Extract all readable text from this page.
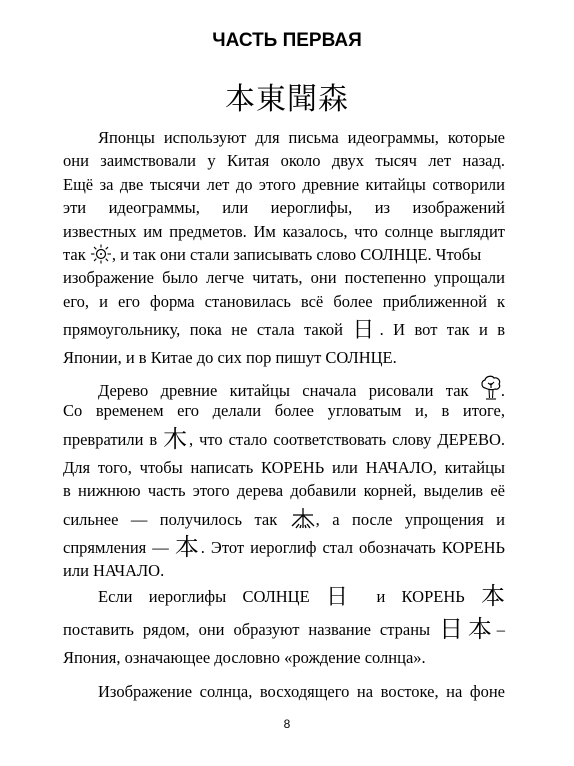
ЧАСТЬ ПЕРВАЯ
本東聞森
Японцы используют для письма идеограммы, которые
они заимствовали у Китая около двух тысяч лет назад.
Ещё за две тысячи лет до этого древние китайцы сотворили
эти идеограммы, или иероглифы, из изображений
известных им предметов. Им казалось, что солнце выглядит
так , и так они стали записывать слово СОЛНЦЕ. Чтобы
изображение было легче читать, они постепенно упрощали
его, и его форма становилась всё более приближенной к
прямоугольнику, пока не стала такой 日. И вот так и в
Японии, и в Китае до сих пор пишут СОЛНЦЕ.
Дерево древние китайцы сначала рисовали так .
Со временем его делали более угловатым и, в итоге,
превратили в 木, что стало соответствовать слову ДЕРЕВО.
Для того, чтобы написать КОРЕНЬ или НАЧАЛО, китайцы
в нижнюю часть этого дерева добавили корней, выделив её
сильнее — получилось так , а после упрощения и
спрямления — 本. Этот иероглиф стал обозначать КОРЕНЬ
или НАЧАЛО.
Если иероглифы СОЛНЦЕ 日 и КОРЕНЬ 本
поставить рядом, они образуют название страны 日本–
Япония, означающее дословно «рождение солнца».
Изображение солнца, восходящего на востоке, на фоне
8
